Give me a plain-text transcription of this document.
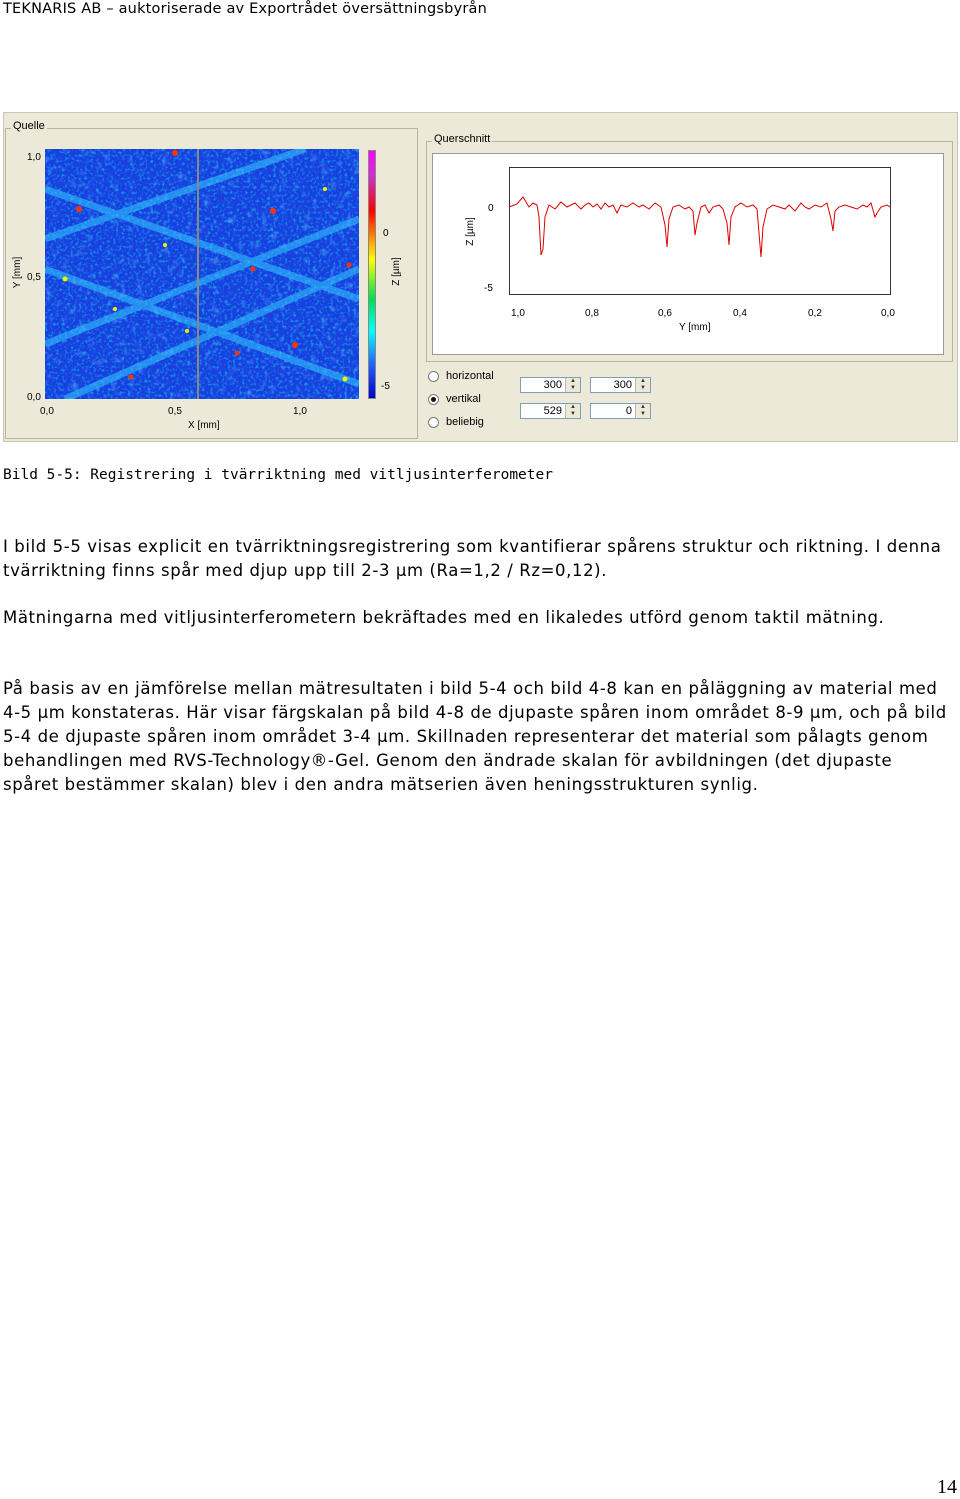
TEKNARIS AB – auktoriserade av Exportrådet översättningsbyrån
Quelle
Querschnitt
1,0
0,5
0,0
Y [mm]
0,0	0,5	1,0
X [mm]
0
-5
Z [µm]
0
-5
Z [µm]
1,0	0,8	0,6	0,4	0,2	0,0
Y [mm]
horizontal
vertikal
beliebig
300	▲
▼	300	▲
▼
529	▲
▼	0	▲
▼
Bild 5-5: Registrering i tvärriktning med vitljusinterferometer

I bild 5-5 visas explicit en tvärriktningsregistrering som kvantifierar spårens struktur och riktning. I denna tvärriktning finns spår med djup upp till 2-3 µm (Ra=1,2 / Rz=0,12).

Mätningarna med vitljusinterferometern bekräftades med en likaledes utförd genom taktil mätning.

På basis av en jämförelse mellan mätresultaten i bild 5-4 och bild 4-8 kan en påläggning av material med 4-5 µm konstateras. Här visar färgskalan på bild 4-8 de djupaste spåren inom området 8-9 µm, och på bild 5-4 de djupaste spåren inom området 3-4 µm. Skillnaden representerar det material som pålagts genom behandlingen med RVS-Technology®-Gel. Genom den ändrade skalan för avbildningen (det djupaste spåret bestämmer skalan) blev i den andra mätserien även heningsstrukturen synlig.

14
